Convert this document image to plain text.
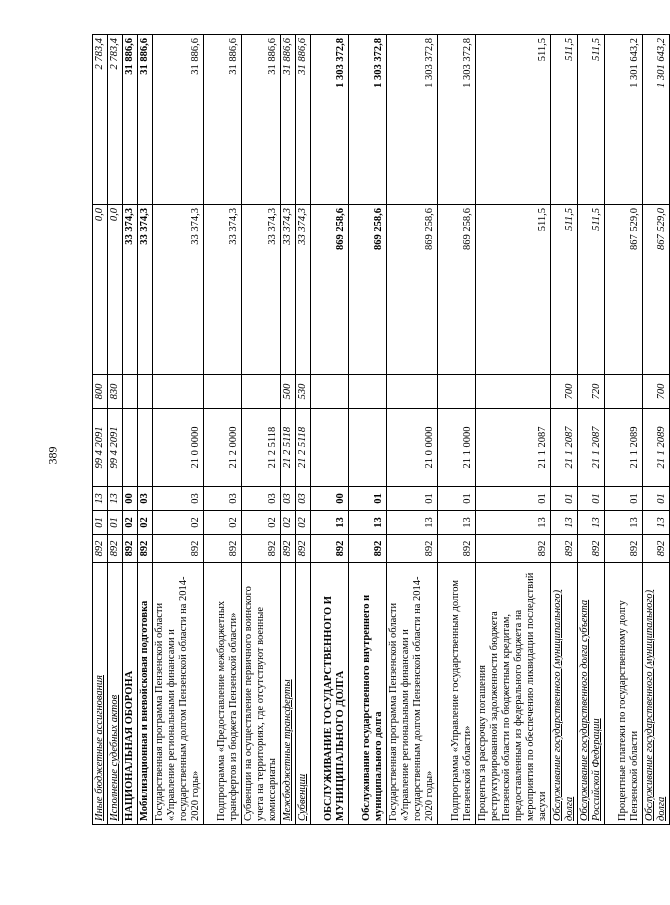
389
Иные бюджетные ассигнования	892	01	13	99 4 2091	800	0,0	2 783,4
Исполнение судебных актов	892	01	13	99 4 2091	830	0,0	2 783,4
НАЦИОНАЛЬНАЯ ОБОРОНА	892	02	00			33 374,3	31 886,6
Мобилизационная и вневойсковая подготовка	892	02	03			33 374,3	31 886,6
Государственная программа Пензенской области «Управление региональными финансами и государственным долгом Пензенской области на 2014-2020 годы»	892	02	03	21 0 0000		33 374,3	31 886,6
Подпрограмма «Предоставление межбюджетных трансфертов из бюджета Пензенской области»	892	02	03	21 2 0000		33 374,3	31 886,6
Субвенции на осуществление первичного воинского учета на территориях, где отсутствуют военные комиссариаты	892	02	03	21 2 5118		33 374,3	31 886,6
Межбюджетные трансферты	892	02	03	21 2 5118	500	33 374,3	31 886,6
Субвенции	892	02	03	21 2 5118	530	33 374,3	31 886,6
ОБСЛУЖИВАНИЕ ГОСУДАРСТВЕННОГО И МУНИЦИПАЛЬНОГО ДОЛГА	892	13	00			869 258,6	1 303 372,8
Обслуживание государственного внутреннего и муниципального долга	892	13	01			869 258,6	1 303 372,8
Государственная программа Пензенской области «Управление региональными финансами и государственным долгом Пензенской области на 2014-2020 годы»	892	13	01	21 0 0000		869 258,6	1 303 372,8
Подпрограмма «Управление государственным долгом Пензенской области»	892	13	01	21 1 0000		869 258,6	1 303 372,8
Проценты за рассрочку погашения реструктурированной задолженности бюджета Пензенской области по бюджетным кредитам, предоставленным из федерального бюджета на мероприятия по обеспечению ликвидации последствий засухи	892	13	01	21 1 2087		511,5	511,5
Обслуживание государственного (муниципального) долга	892	13	01	21 1 2087	700	511,5	511,5
Обслуживание государственного долга субъекта Российской Федерации	892	13	01	21 1 2087	720	511,5	511,5
Процентные платежи по государственному долгу Пензенской области	892	13	01	21 1 2089		867 529,0	1 301 643,2
Обслуживание государственного (муниципального) долга	892	13	01	21 1 2089	700	867 529,0	1 301 643,2
